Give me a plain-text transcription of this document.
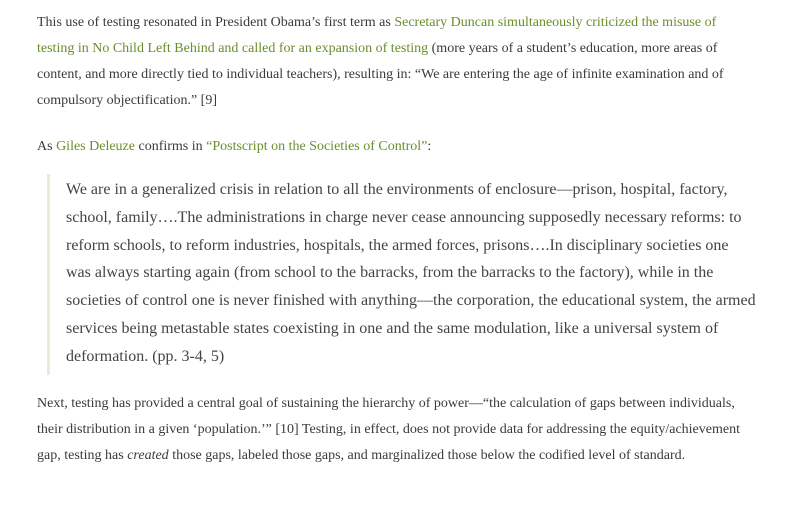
This use of testing resonated in President Obama’s first term as Secretary Duncan simultaneously criticized the misuse of testing in No Child Left Behind and called for an expansion of testing (more years of a student’s education, more areas of content, and more directly tied to individual teachers), resulting in: “We are entering the age of infinite examination and of compulsory objectification.” [9]

As Giles Deleuze confirms in “Postscript on the Societies of Control”:

We are in a generalized crisis in relation to all the environments of enclosure—prison, hospital, factory, school, family….The administrations in charge never cease announcing supposedly necessary reforms: to reform schools, to reform industries, hospitals, the armed forces, prisons….In disciplinary societies one was always starting again (from school to the barracks, from the barracks to the factory), while in the societies of control one is never finished with anything—the corporation, the educational system, the armed services being metastable states coexisting in one and the same modulation, like a universal system of deformation. (pp. 3-4, 5)

Next, testing has provided a central goal of sustaining the hierarchy of power—“the calculation of gaps between individuals, their distribution in a given ‘population.’” [10] Testing, in effect, does not provide data for addressing the equity/achievement gap, testing has created those gaps, labeled those gaps, and marginalized those below the codified level of standard.
